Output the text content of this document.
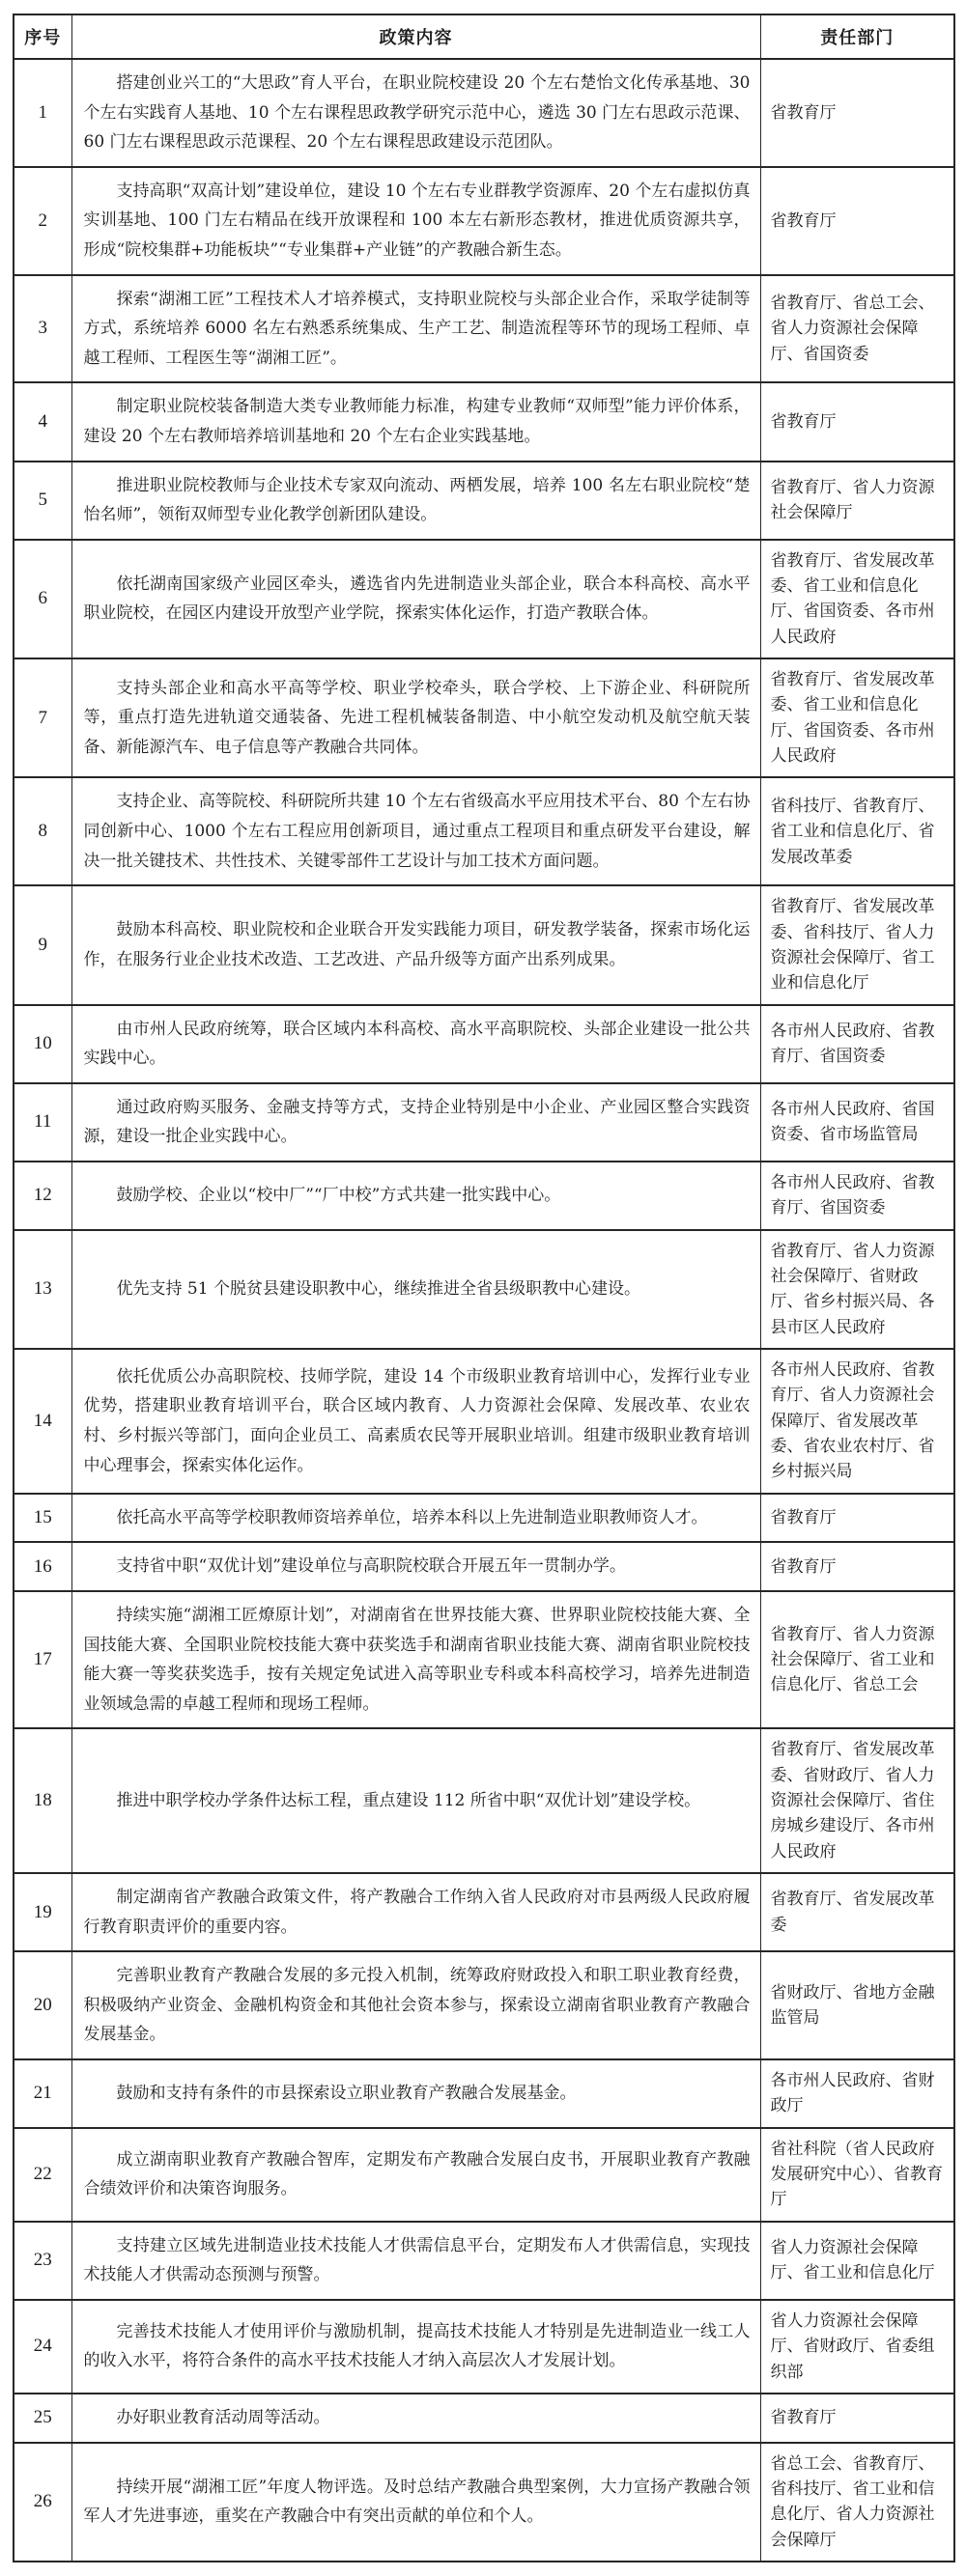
序号	政策内容	责任部门
1	搭建创业兴工的“大思政”育人平台，在职业院校建设 20 个左右楚怡文化传承基地、30 个左右实践育人基地、10 个左右课程思政教学研究示范中心，遴选 30 门左右思政示范课、60 门左右课程思政示范课程、20 个左右课程思政建设示范团队。	省教育厅
2	支持高职“双高计划”建设单位，建设 10 个左右专业群教学资源库、20 个左右虚拟仿真实训基地、100 门左右精品在线开放课程和 100 本左右新形态教材，推进优质资源共享，形成“院校集群+功能板块”“专业集群+产业链”的产教融合新生态。	省教育厅
3	探索“湖湘工匠”工程技术人才培养模式，支持职业院校与头部企业合作，采取学徒制等方式，系统培养 6000 名左右熟悉系统集成、生产工艺、制造流程等环节的现场工程师、卓越工程师、工程医生等“湖湘工匠”。	省教育厅、省总工会、省人力资源社会保障厅、省国资委
4	制定职业院校装备制造大类专业教师能力标准，构建专业教师“双师型”能力评价体系，建设 20 个左右教师培养培训基地和 20 个左右企业实践基地。	省教育厅
5	推进职业院校教师与企业技术专家双向流动、两栖发展，培养 100 名左右职业院校“楚怡名师”，领衔双师型专业化教学创新团队建设。	省教育厅、省人力资源社会保障厅
6	依托湖南国家级产业园区牵头，遴选省内先进制造业头部企业，联合本科高校、高水平职业院校，在园区内建设开放型产业学院，探索实体化运作，打造产教联合体。	省教育厅、省发展改革委、省工业和信息化厅、省国资委、各市州人民政府
7	支持头部企业和高水平高等学校、职业学校牵头，联合学校、上下游企业、科研院所等，重点打造先进轨道交通装备、先进工程机械装备制造、中小航空发动机及航空航天装备、新能源汽车、电子信息等产教融合共同体。	省教育厅、省发展改革委、省工业和信息化厅、省国资委、各市州人民政府
8	支持企业、高等院校、科研院所共建 10 个左右省级高水平应用技术平台、80 个左右协同创新中心、1000 个左右工程应用创新项目，通过重点工程项目和重点研发平台建设，解决一批关键技术、共性技术、关键零部件工艺设计与加工技术方面问题。	省科技厅、省教育厅、省工业和信息化厅、省发展改革委
9	鼓励本科高校、职业院校和企业联合开发实践能力项目，研发教学装备，探索市场化运作，在服务行业企业技术改造、工艺改进、产品升级等方面产出系列成果。	省教育厅、省发展改革委、省科技厅、省人力资源社会保障厅、省工业和信息化厅
10	由市州人民政府统筹，联合区域内本科高校、高水平高职院校、头部企业建设一批公共实践中心。	各市州人民政府、省教育厅、省国资委
11	通过政府购买服务、金融支持等方式，支持企业特别是中小企业、产业园区整合实践资源，建设一批企业实践中心。	各市州人民政府、省国资委、省市场监管局
12	鼓励学校、企业以“校中厂”“厂中校”方式共建一批实践中心。	各市州人民政府、省教育厅、省国资委
13	优先支持 51 个脱贫县建设职教中心，继续推进全省县级职教中心建设。	省教育厅、省人力资源社会保障厅、省财政厅、省乡村振兴局、各县市区人民政府
14	依托优质公办高职院校、技师学院，建设 14 个市级职业教育培训中心，发挥行业专业优势，搭建职业教育培训平台，联合区域内教育、人力资源社会保障、发展改革、农业农村、乡村振兴等部门，面向企业员工、高素质农民等开展职业培训。组建市级职业教育培训中心理事会，探索实体化运作。	各市州人民政府、省教育厅、省人力资源社会保障厅、省发展改革委、省农业农村厅、省乡村振兴局
15	依托高水平高等学校职教师资培养单位，培养本科以上先进制造业职教师资人才。	省教育厅
16	支持省中职“双优计划”建设单位与高职院校联合开展五年一贯制办学。	省教育厅
17	持续实施“湖湘工匠燎原计划”，对湖南省在世界技能大赛、世界职业院校技能大赛、全国技能大赛、全国职业院校技能大赛中获奖选手和湖南省职业技能大赛、湖南省职业院校技能大赛一等奖获奖选手，按有关规定免试进入高等职业专科或本科高校学习，培养先进制造业领域急需的卓越工程师和现场工程师。	省教育厅、省人力资源社会保障厅、省工业和信息化厅、省总工会
18	推进中职学校办学条件达标工程，重点建设 112 所省中职“双优计划”建设学校。	省教育厅、省发展改革委、省财政厅、省人力资源社会保障厅、省住房城乡建设厅、各市州人民政府
19	制定湖南省产教融合政策文件，将产教融合工作纳入省人民政府对市县两级人民政府履行教育职责评价的重要内容。	省教育厅、省发展改革委
20	完善职业教育产教融合发展的多元投入机制，统筹政府财政投入和职工职业教育经费，积极吸纳产业资金、金融机构资金和其他社会资本参与，探索设立湖南省职业教育产教融合发展基金。	省财政厅、省地方金融监管局
21	鼓励和支持有条件的市县探索设立职业教育产教融合发展基金。	各市州人民政府、省财政厅
22	成立湖南职业教育产教融合智库，定期发布产教融合发展白皮书，开展职业教育产教融合绩效评价和决策咨询服务。	省社科院（省人民政府发展研究中心）、省教育厅
23	支持建立区域先进制造业技术技能人才供需信息平台，定期发布人才供需信息，实现技术技能人才供需动态预测与预警。	省人力资源社会保障厅、省工业和信息化厅
24	完善技术技能人才使用评价与激励机制，提高技术技能人才特别是先进制造业一线工人的收入水平，将符合条件的高水平技术技能人才纳入高层次人才发展计划。	省人力资源社会保障厅、省财政厅、省委组织部
25	办好职业教育活动周等活动。	省教育厅
26	持续开展“湖湘工匠”年度人物评选。及时总结产教融合典型案例，大力宣扬产教融合领军人才先进事迹，重奖在产教融合中有突出贡献的单位和个人。	省总工会、省教育厅、省科技厅、省工业和信息化厅、省人力资源社会保障厅
